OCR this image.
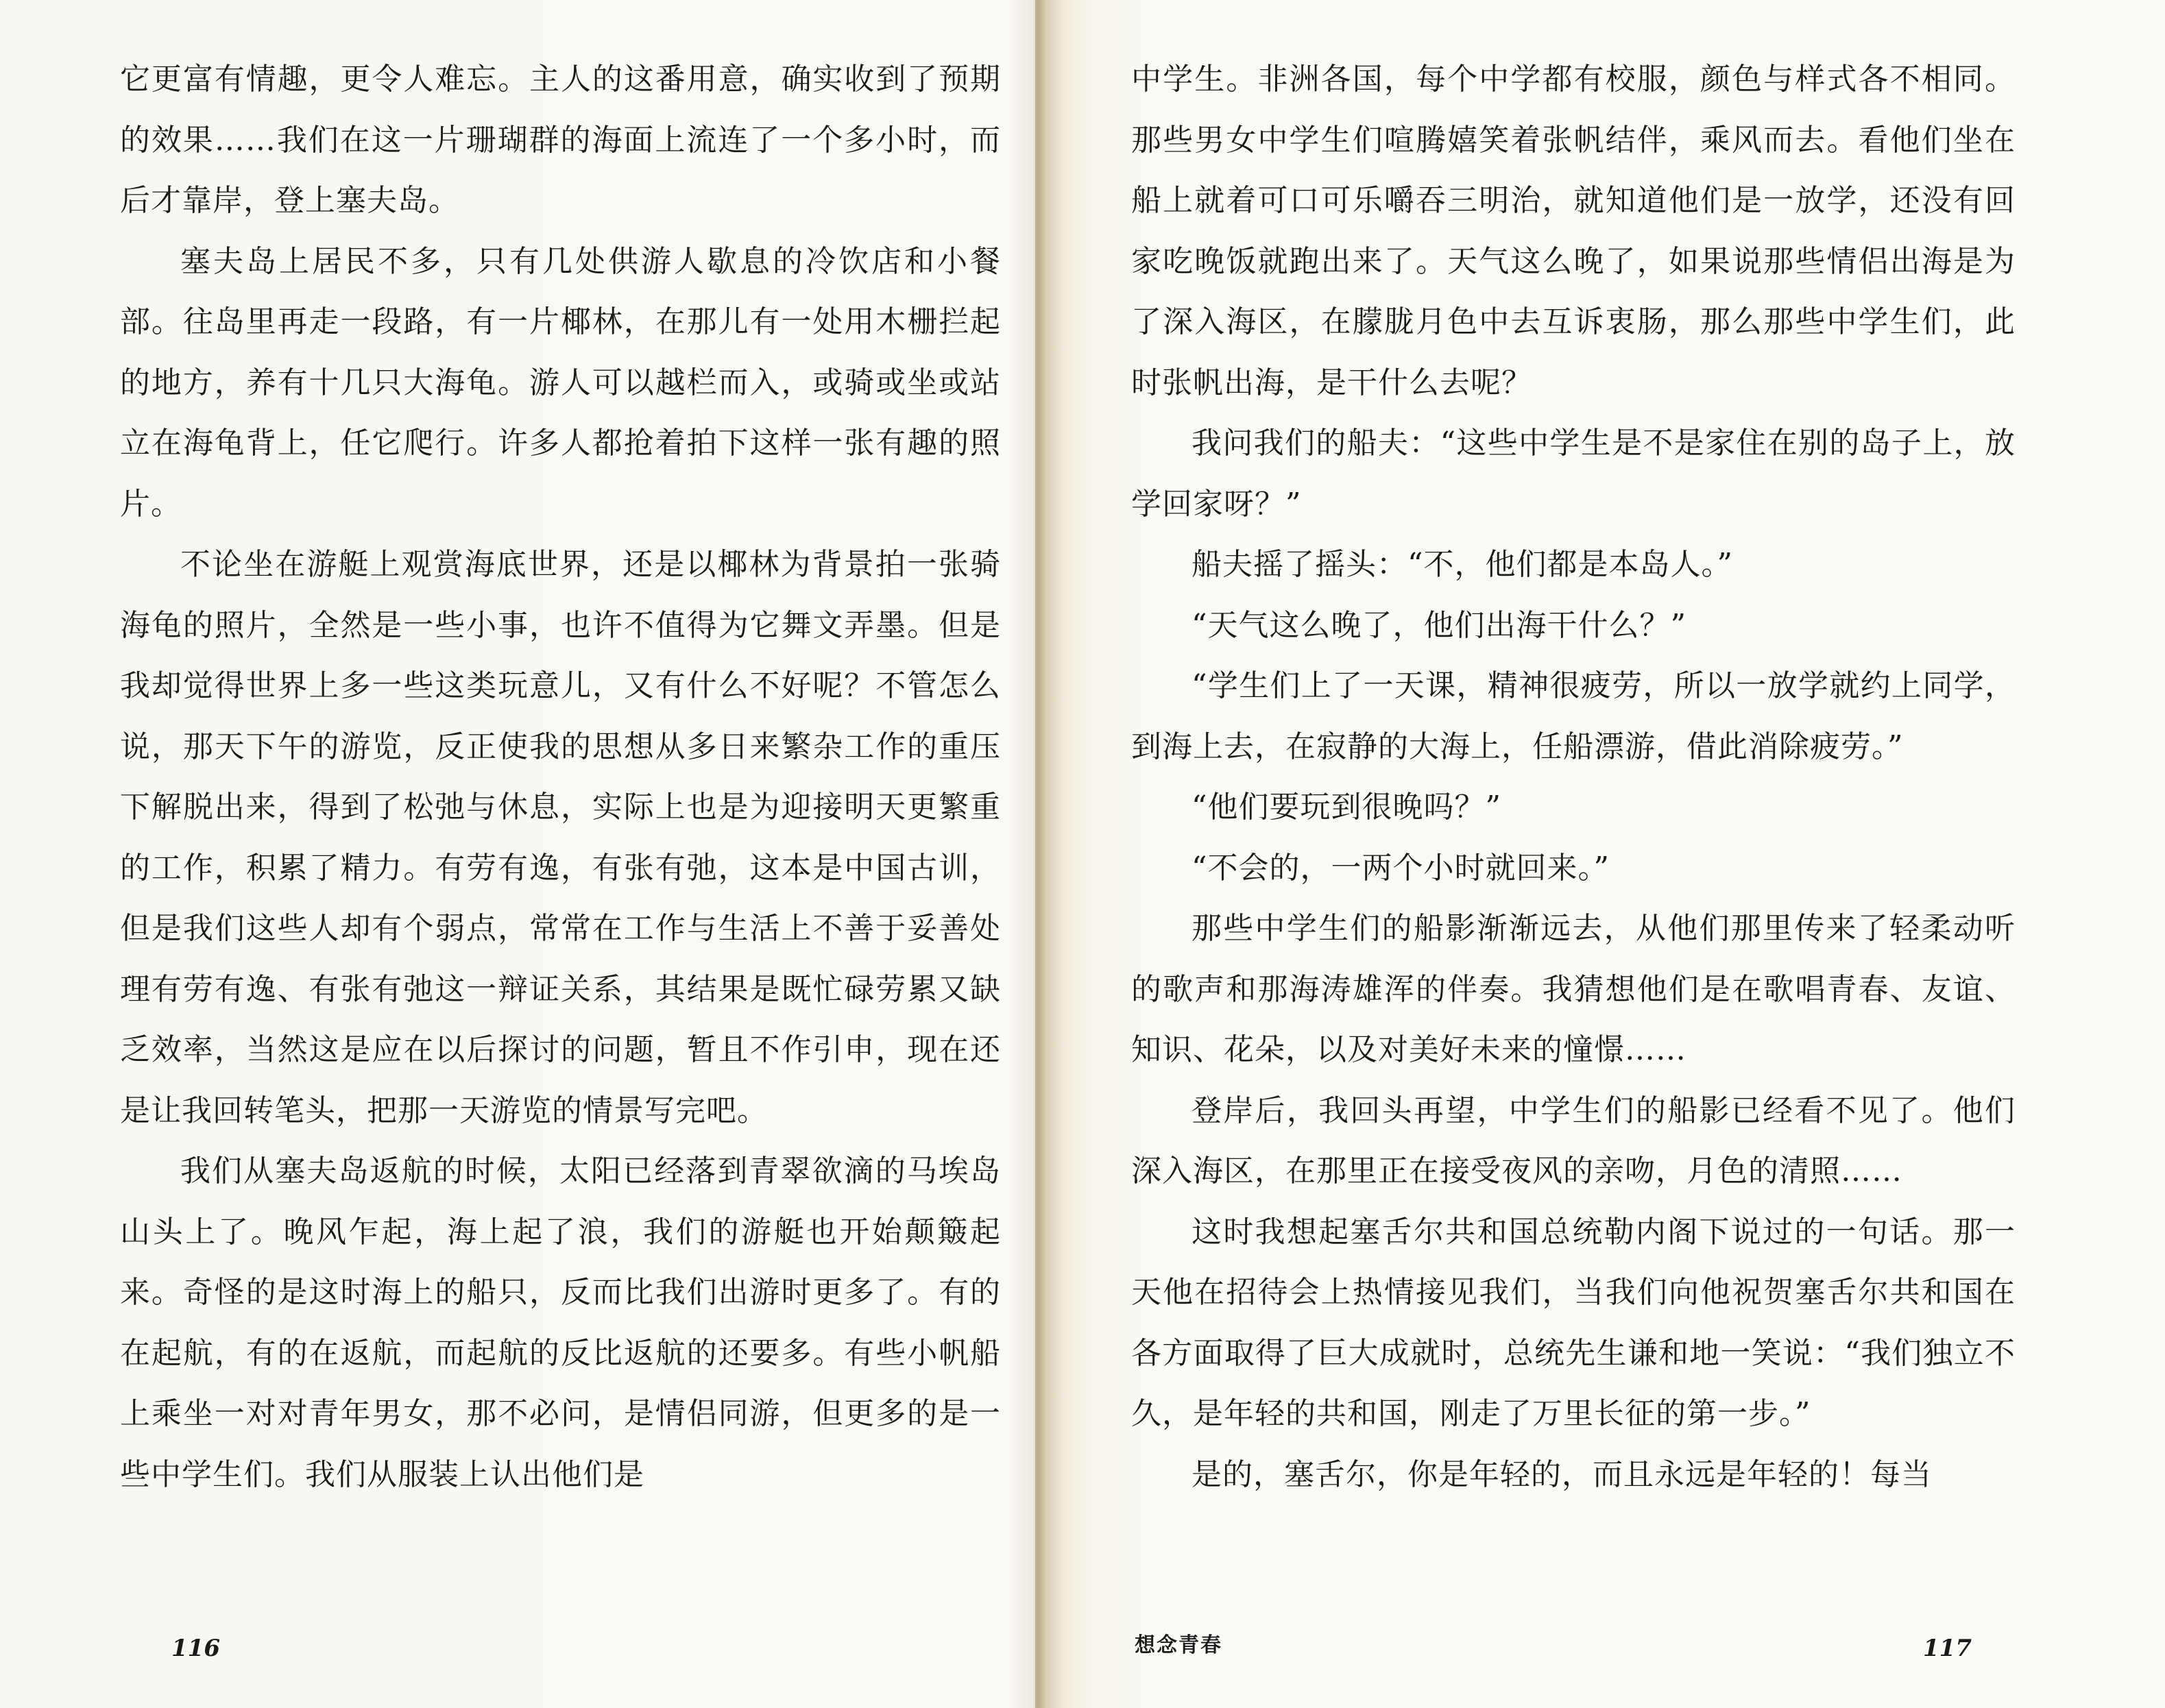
它更富有情趣，更令人难忘。主人的这番用意，确实收到了预期的效果……我们在这一片珊瑚群的海面上流连了一个多小时，而后才靠岸，登上塞夫岛。

塞夫岛上居民不多，只有几处供游人歇息的冷饮店和小餐部。往岛里再走一段路，有一片椰林，在那儿有一处用木栅拦起的地方，养有十几只大海龟。游人可以越栏而入，或骑或坐或站立在海龟背上，任它爬行。许多人都抢着拍下这样一张有趣的照片。

不论坐在游艇上观赏海底世界，还是以椰林为背景拍一张骑海龟的照片，全然是一些小事，也许不值得为它舞文弄墨。但是我却觉得世界上多一些这类玩意儿，又有什么不好呢？不管怎么说，那天下午的游览，反正使我的思想从多日来繁杂工作的重压下解脱出来，得到了松弛与休息，实际上也是为迎接明天更繁重的工作，积累了精力。有劳有逸，有张有弛，这本是中国古训，但是我们这些人却有个弱点，常常在工作与生活上不善于妥善处理有劳有逸、有张有弛这一辩证关系，其结果是既忙碌劳累又缺乏效率，当然这是应在以后探讨的问题，暂且不作引申，现在还是让我回转笔头，把那一天游览的情景写完吧。

我们从塞夫岛返航的时候，太阳已经落到青翠欲滴的马埃岛山头上了。晚风乍起，海上起了浪，我们的游艇也开始颠簸起来。奇怪的是这时海上的船只，反而比我们出游时更多了。有的在起航，有的在返航，而起航的反比返航的还要多。有些小帆船上乘坐一对对青年男女，那不必问，是情侣同游，但更多的是一些中学生们。我们从服装上认出他们是

116

中学生。非洲各国，每个中学都有校服，颜色与样式各不相同。那些男女中学生们喧腾嬉笑着张帆结伴，乘风而去。看他们坐在船上就着可口可乐嚼吞三明治，就知道他们是一放学，还没有回家吃晚饭就跑出来了。天气这么晚了，如果说那些情侣出海是为了深入海区，在朦胧月色中去互诉衷肠，那么那些中学生们，此时张帆出海，是干什么去呢？

我问我们的船夫：“这些中学生是不是家住在别的岛子上，放学回家呀？”

船夫摇了摇头：“不，他们都是本岛人。”

“天气这么晚了，他们出海干什么？”

“学生们上了一天课，精神很疲劳，所以一放学就约上同学，到海上去，在寂静的大海上，任船漂游，借此消除疲劳。”

“他们要玩到很晚吗？”

“不会的，一两个小时就回来。”

那些中学生们的船影渐渐远去，从他们那里传来了轻柔动听的歌声和那海涛雄浑的伴奏。我猜想他们是在歌唱青春、友谊、知识、花朵，以及对美好未来的憧憬……

登岸后，我回头再望，中学生们的船影已经看不见了。他们深入海区，在那里正在接受夜风的亲吻，月色的清照……

这时我想起塞舌尔共和国总统勒内阁下说过的一句话。那一天他在招待会上热情接见我们，当我们向他祝贺塞舌尔共和国在各方面取得了巨大成就时，总统先生谦和地一笑说：“我们独立不久，是年轻的共和国，刚走了万里长征的第一步。”

是的，塞舌尔，你是年轻的，而且永远是年轻的！每当

想念青春	117
